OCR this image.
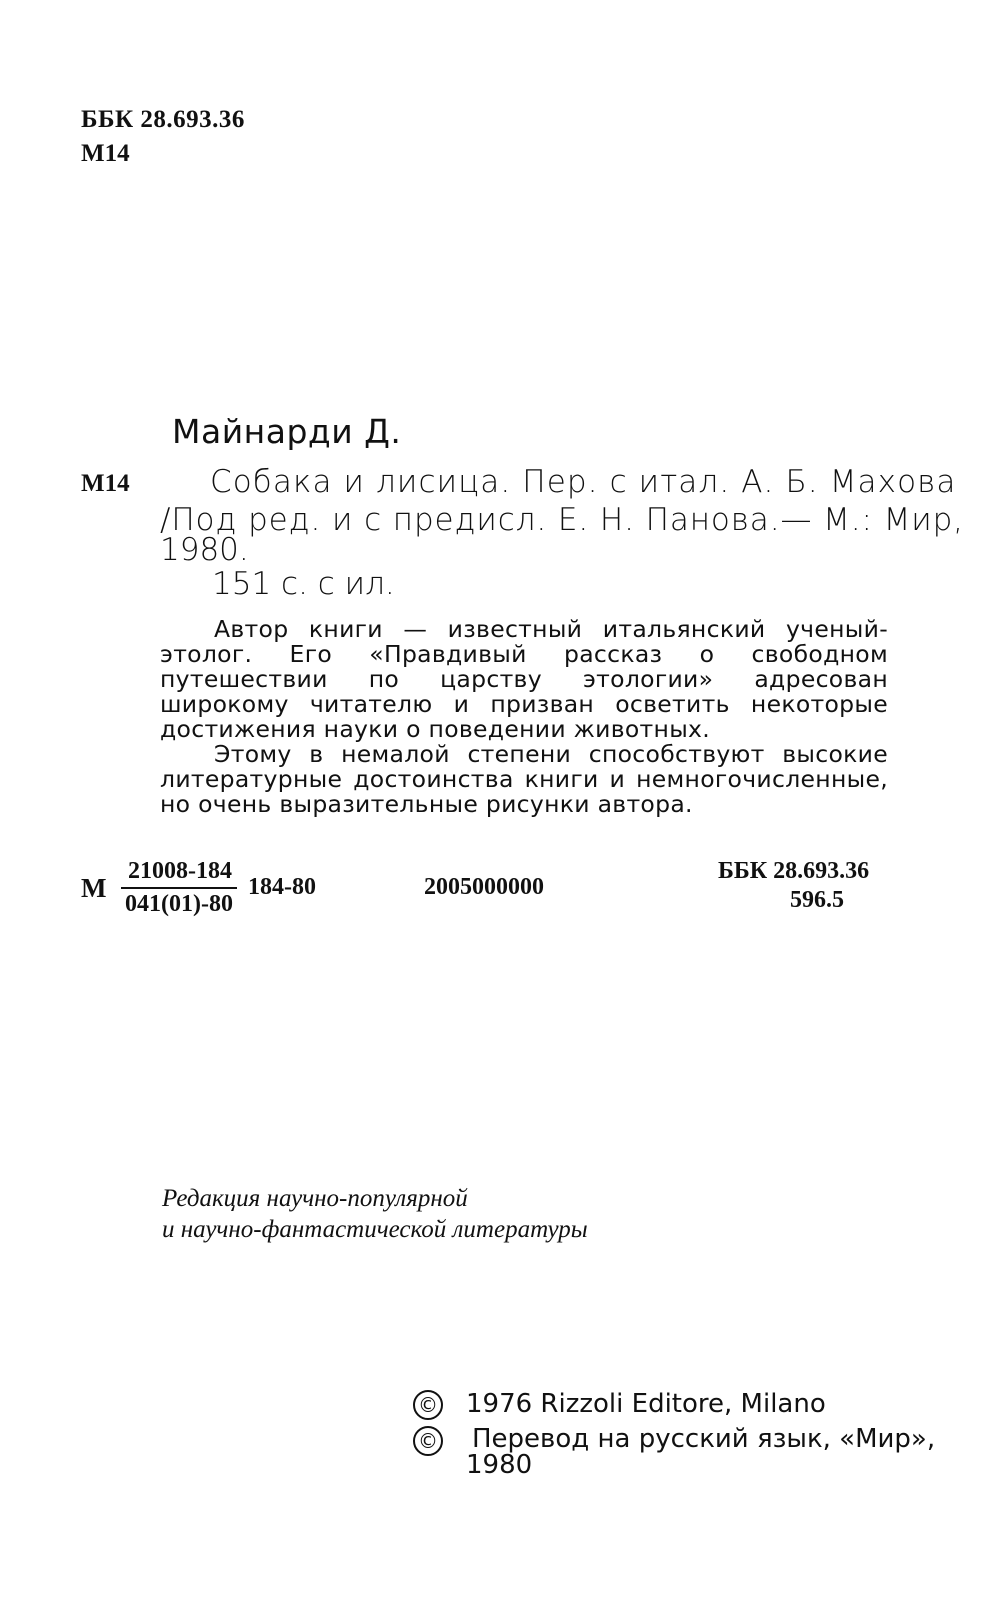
ББК 28.693.36
М14
Майнарди Д.
М14	Собака и лисица. Пер. с итал. А. Б. Махова
/Под ред. и с предисл. Е. Н. Панова.— М.: Мир,
1980.
151 с. с ил.

Автор книги — известный итальянский ученый-этолог. Его «Правдивый рассказ о свободном путешествии по царству этологии» адресован широкому читателю и призван осветить некоторые достижения науки о поведении животных.

Этому в немалой степени способствуют высокие литературные достоинства книги и немногочисленные, но очень выразительные рисунки автора.

М
21008-184
041(01)-80
184-80	2005000000
ББК 28.693.36
596.5
Редакция научно-популярной
и научно-фантастической литературы
© 1976 Rizzoli Editore, Milano
© Перевод на русский язык, «Мир»,
1980
